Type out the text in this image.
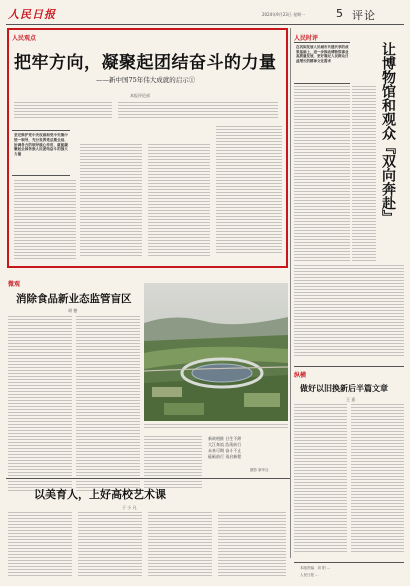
人民日报	2024年9月23日 星期一	5 评论
人民观点
把牢方向，凝聚起团结奋斗的力量
——新中国75年伟大成就的启示①
本报评论部
坚定维护党中央权威和党中央集中统一领导，充分发挥党总揽全局、协调各方的领导核心作用，就能凝聚起全国各族人民团结奋斗的强大力量
人民时评
在巩固发展人民城市共建共享的成果基础上，进一步推动博物馆事业高质量发展，更好满足人民群众日益增长的精神文化需求	让博物馆和观众『双向奔赴』
微观
消除食品新业态监管盲区
胡 德
新故相推 日生不滞
大江奔流 浩荡前行
未来可期 奋斗不止
砥砺前行 再启新程
摄影 新华社
以美育人，上好高校艺术课
于 小 凡
纵横
做好以旧换新后半篇文章
王 嘉
本版责编：刘 阳 ...
人民日报 ...
